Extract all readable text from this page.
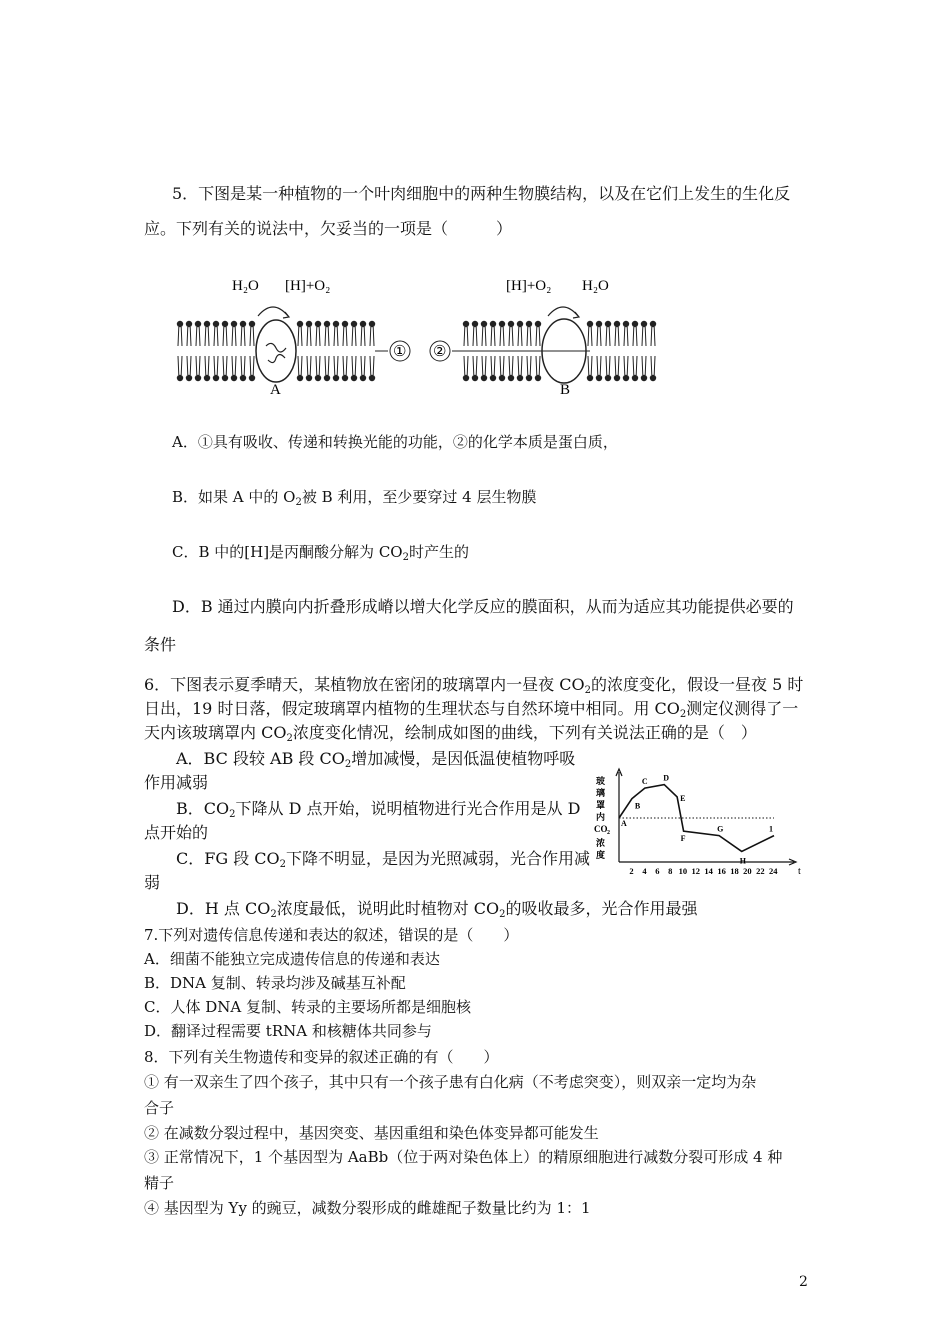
5．下图是某一种植物的一个叶肉细胞中的两种生物膜结构，以及在它们上发生的生化反
应。下列有关的说法中，欠妥当的一项是（　　　）
①
H₂O [H]+O₂
A
②
[H]+O₂ H₂O
B
A．①具有吸收、传递和转换光能的功能，②的化学本质是蛋白质，
B．如果 A 中的 $O_2$被 B 利用，至少要穿过 4 层生物膜
C．B 中的[H]是丙酮酸分解为 $CO_2$时产生的
D．B 通过内膜向内折叠形成嵴以增大化学反应的膜面积，从而为适应其功能提供必要的
条件
6．下图表示夏季晴天，某植物放在密闭的玻璃罩内一昼夜 $CO_2$的浓度变化，假设一昼夜 5 时
日出，19 时日落，假定玻璃罩内植物的生理状态与自然环境中相同。用 $CO_2$测定仪测得了一
天内该玻璃罩内 $CO_2$浓度变化情况，绘制成如图的曲线，下列有关说法正确的是（　）
A．BC 段较 AB 段 $CO_2$增加减慢，是因低温使植物呼吸
作用减弱
B．$CO_2$下降从 D 点开始，说明植物进行光合作用是从 D
点开始的
C．FG 段 $CO_2$下降不明显，是因为光照减弱，光合作用减
弱
D．H 点 $CO_2$浓度最低，说明此时植物对 $CO_2$的吸收最多，光合作用最强
玻
璃
罩
内
CO 2
浓
度
t
2 4 6 8 10 12 14 16 18 20 22 24
A
B
C D
E
F
G
H
1
7.下列对遗传信息传递和表达的叙述，错误的是（　　）
A．细菌不能独立完成遗传信息的传递和表达
B．DNA 复制、转录均涉及碱基互补配
C．人体 DNA 复制、转录的主要场所都是细胞核
D．翻译过程需要 tRNA 和核糖体共同参与
8．下列有关生物遗传和变异的叙述正确的有（　　）
① 有一双亲生了四个孩子，其中只有一个孩子患有白化病（不考虑突变），则双亲一定均为杂
合子
② 在减数分裂过程中，基因突变、基因重组和染色体变异都可能发生
③ 正常情况下，1 个基因型为 AaBb（位于两对染色体上）的精原细胞进行减数分裂可形成 4 种
精子
④ 基因型为 Yy 的豌豆，减数分裂形成的雌雄配子数量比约为 1：1
2
